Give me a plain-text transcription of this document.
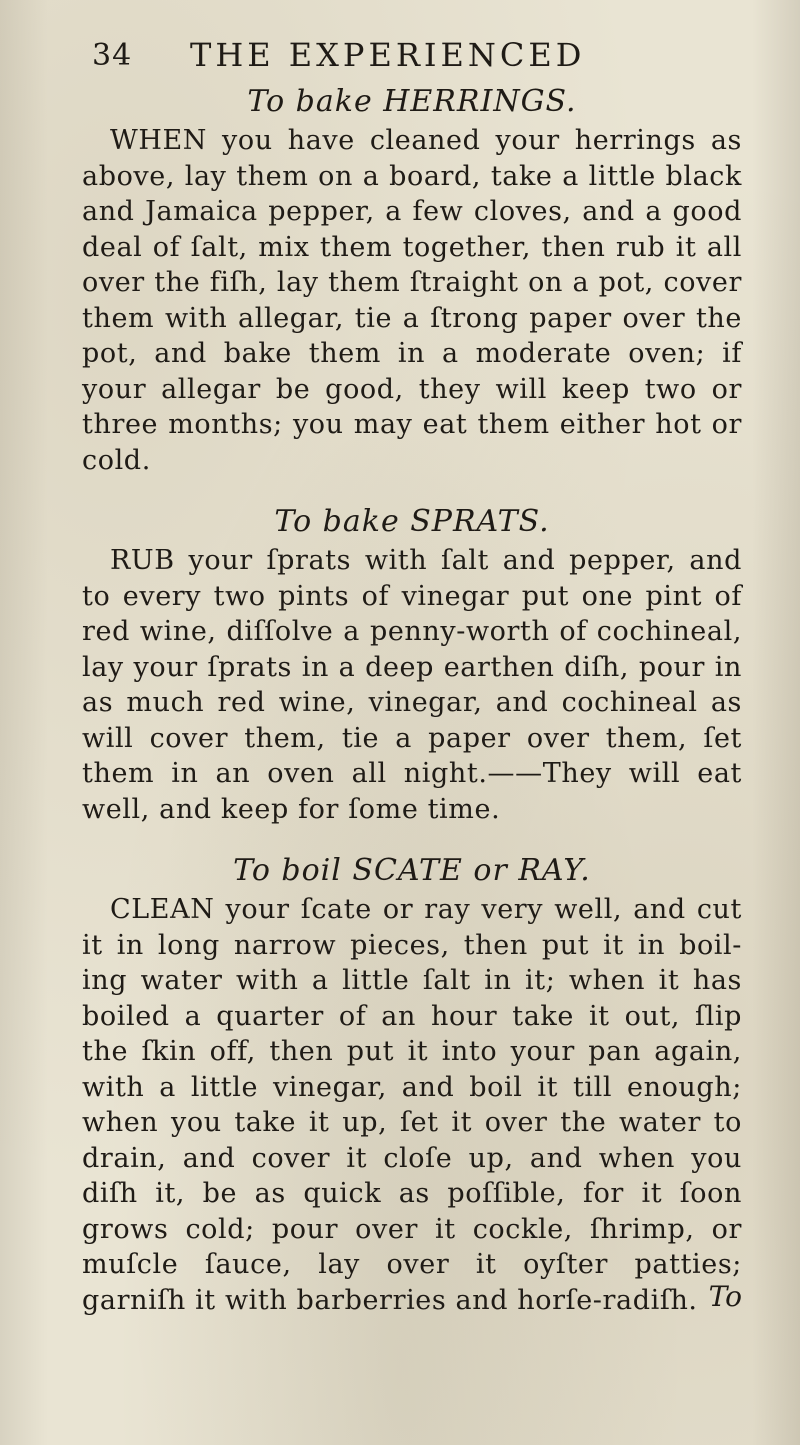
34 THE EXPERIENCED
To bake HERRINGS.

WHEN you have cleaned your herrings as above, lay them on a board, take a little black and Jamaica pepper, a few cloves, and a good deal of ſalt, mix them together, then rub it all over the fiſh, lay them ſtraight on a pot, cover them with allegar, tie a ſtrong paper over the pot, and bake them in a moderate oven; if your allegar be good, they will keep two or three months; you may eat them either hot or cold.

To bake SPRATS.

RUB your ſprats with ſalt and pepper, and to every two pints of vinegar put one pint of red wine, diſſolve a penny-worth of cochineal, lay your ſprats in a deep earthen diſh, pour in as much red wine, vinegar, and cochineal as will cover them, tie a paper over them, ſet them in an oven all night.——They will eat well, and keep for ſome time.

To boil SCATE or RAY.

CLEAN your ſcate or ray very well, and cut it in long narrow pieces, then put it in boil-ing water with a little ſalt in it; when it has boiled a quarter of an hour take it out, ſlip the ſkin off, then put it into your pan again, with a little vinegar, and boil it till enough; when you take it up, ſet it over the water to drain, and cover it cloſe up, and when you diſh it, be as quick as poſſible, for it ſoon grows cold; pour over it cockle, ſhrimp, or muſcle ſauce, lay over it oyſter patties; garniſh it with barberries and horſe-radiſh. To
